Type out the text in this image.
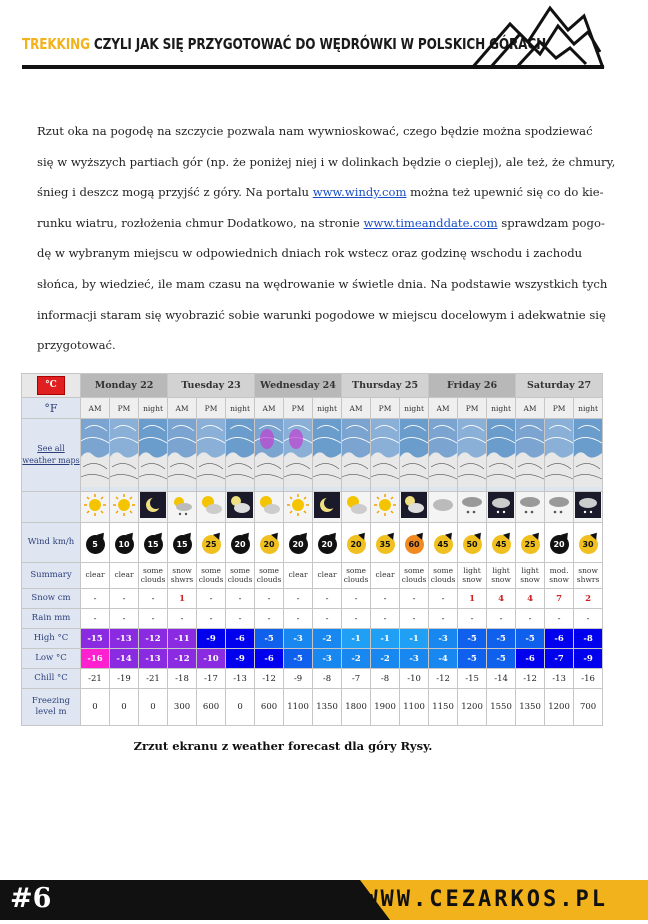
TREKKING CZYLI JAK SIĘ PRZYGOTOWAĆ DO WĘDRÓWKI W POLSKICH GÓRACH
Rzut oka na pogodę na szczycie pozwala nam wywnioskować, czego będzie można spodziewać
się w wyższych partiach gór (np. że poniżej niej i w dolinkach będzie o cieplej), ale też, że chmury,
śnieg i deszcz mogą przyjść z góry. Na portalu www.windy.com można też upewnić się co do kie-
runku wiatru, rozłożenia chmur Dodatkowo, na stronie www.timeanddate.com sprawdzam pogo-
dę w wybranym miejscu w odpowiednich dniach rok wstecz oraz godzinę wschodu i zachodu
słońca, by wiedzieć, ile mam czasu na wędrowanie w świetle dnia. Na podstawie wszystkich tych
informacji staram się wyobrazić sobie warunki pogodowe w miejscu docelowym i adekwatnie się
przygotować.
°C	Monday 22			Tuesday 23			Wednesday 24			Thursday 25			Friday 26			Saturday 27		
°F	AM	PM	night	AM	PM	night	AM	PM	night	AM	PM	night	AM	PM	night	AM	PM	night
See all weather maps																		

Wind km/h	5	10	15	15	25	20	20	20	20	20	35	60	45	50	45	25	20	30
Summary	clear	clear	some clouds	snow shwrs	some clouds	some clouds	some clouds	clear	clear	some clouds	clear	some clouds	some clouds	light snow	light snow	light snow	mod. snow	snow shwrs
Snow cm	-	-	-	1	-	-	-	-	-	-	-	-	-	1	4	4	7	2
Rain mm	-	-	-	-	-	-	-	-	-	-	-	-	-	-	-	-	-	-
High °C	-15	-13	-12	-11	-9	-6	-5	-3	-2	-1	-1	-1	-3	-5	-5	-5	-6	-8
Low °C	-16	-14	-13	-12	-10	-9	-6	-5	-3	-2	-2	-3	-4	-5	-5	-6	-7	-9
Chill °C	-21	-19	-21	-18	-17	-13	-12	-9	-8	-7	-8	-10	-12	-15	-14	-12	-13	-16
Freezing level m	0	0	0	300	600	0	600	1100	1350	1800	1900	1100	1150	1200	1550	1350	1200	700
Zrzut ekranu z weather forecast dla góry Rysy.
#6	WWW.CEZARKOS.PL
